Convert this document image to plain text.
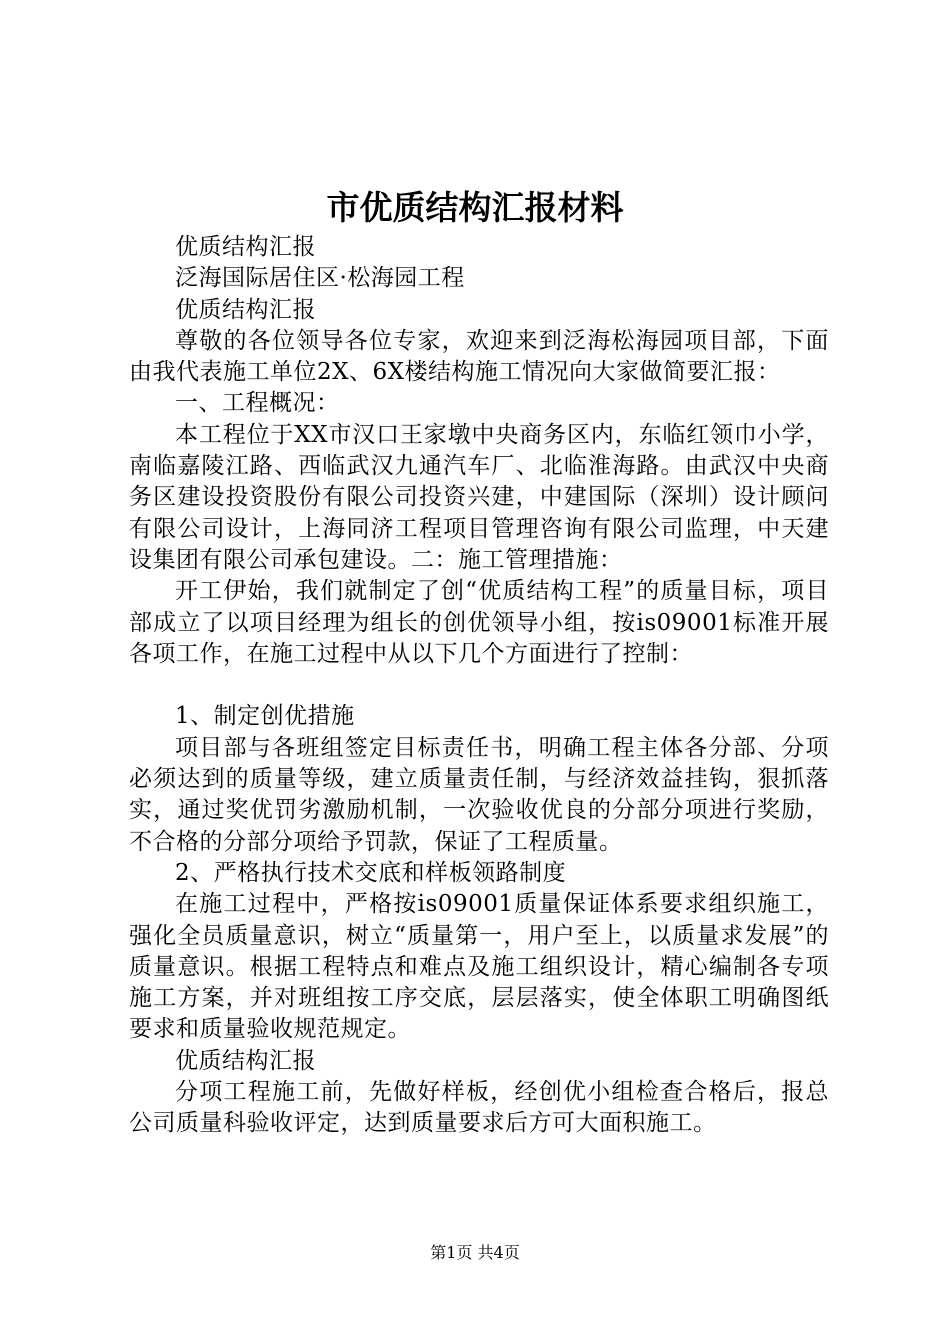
市优质结构汇报材料

优质结构汇报

泛海国际居住区·松海园工程

优质结构汇报

尊敬的各位领导各位专家，欢迎来到泛海松海园项目部，下面由我代表施工单位2X、6X楼结构施工情况向大家做简要汇报：

一、工程概况：

本工程位于XX市汉口王家墩中央商务区内，东临红领巾小学，南临嘉陵江路、西临武汉九通汽车厂、北临淮海路。由武汉中央商务区建设投资股份有限公司投资兴建，中建国际（深圳）设计顾问有限公司设计，上海同济工程项目管理咨询有限公司监理，中天建设集团有限公司承包建设。二：施工管理措施：

开工伊始，我们就制定了创“优质结构工程”的质量目标，项目部成立了以项目经理为组长的创优领导小组，按is09001标准开展各项工作，在施工过程中从以下几个方面进行了控制：

1、制定创优措施

项目部与各班组签定目标责任书，明确工程主体各分部、分项必须达到的质量等级，建立质量责任制，与经济效益挂钩，狠抓落实，通过奖优罚劣激励机制，一次验收优良的分部分项进行奖励，不合格的分部分项给予罚款，保证了工程质量。

2、严格执行技术交底和样板领路制度

在施工过程中，严格按is09001质量保证体系要求组织施工，强化全员质量意识，树立“质量第一，用户至上，以质量求发展”的质量意识。根据工程特点和难点及施工组织设计，精心编制各专项施工方案，并对班组按工序交底，层层落实，使全体职工明确图纸要求和质量验收规范规定。

优质结构汇报

分项工程施工前，先做好样板，经创优小组检查合格后，报总公司质量科验收评定，达到质量要求后方可大面积施工。

第1页 共4页
